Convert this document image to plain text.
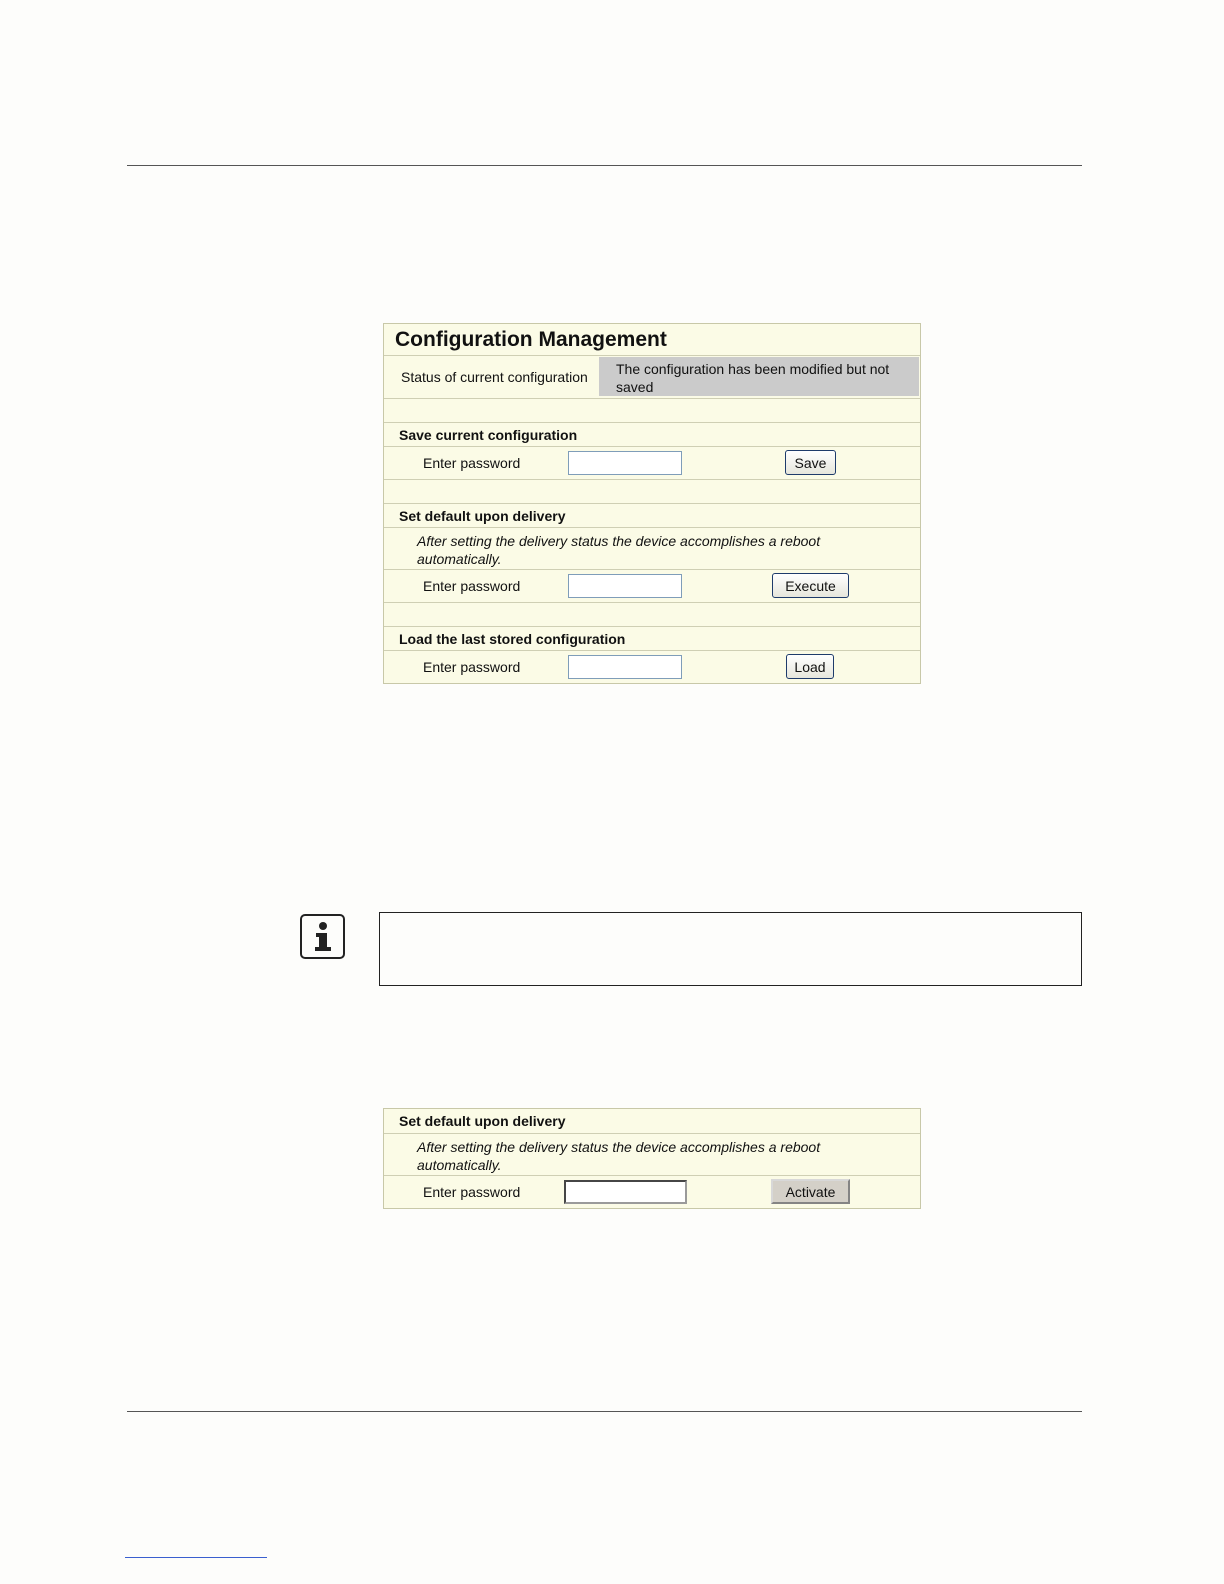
Configuration Management
Status of current configuration	The configuration has been modified but not saved
Save current configuration
Enter password	Save
Set default upon delivery
After setting the delivery status the device accomplishes a reboot automatically.
Enter password	Execute
Load the last stored configuration
Enter password	Load
Set default upon delivery
After setting the delivery status the device accomplishes a reboot automatically.
Enter password	Activate
